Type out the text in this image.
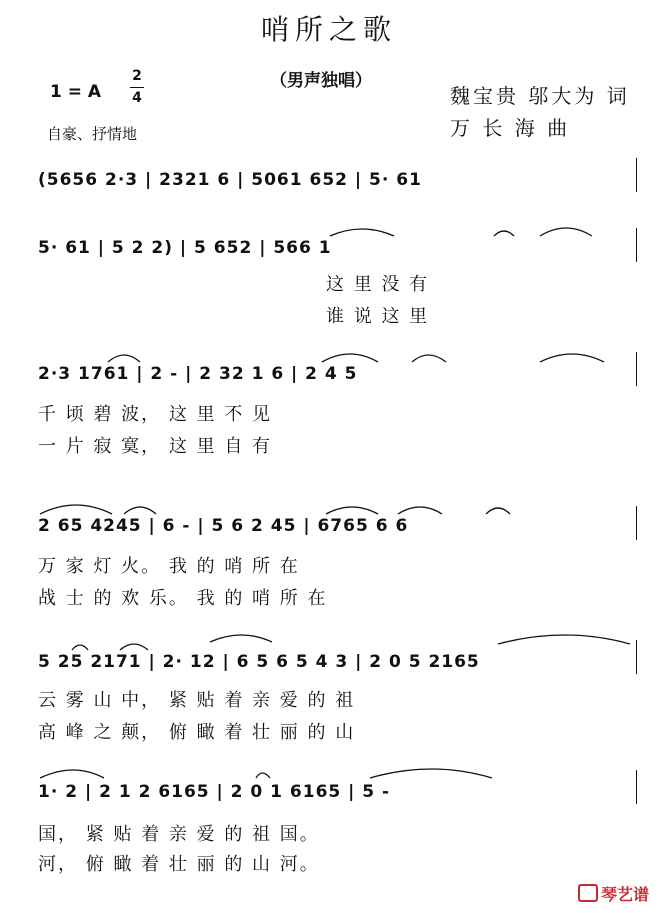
哨所之歌
（男声独唱）
1 = A
2
4
自豪、抒情地
魏宝贵 邬大为 词
万 长 海 曲
(5656 2·3 | 2321 6 | 5061 652 | 5· 61
5· 61 | 5 2 2) | 5 652 | 566 1
这 里 没 有
谁 说 这 里
2·3 1761 | 2 - | 2 32 1 6 | 2 4 5
千 顷 碧 波， 这 里 不 见
一 片 寂 寞， 这 里 自 有
2 65 4245 | 6 - | 5 6 2 45 | 6765 6 6
万 家 灯 火。 我 的 哨 所 在
战 士 的 欢 乐。 我 的 哨 所 在
5 25 2171 | 2· 12 | 6 5 6 5 4 3 | 2 0 5 2165
云 雾 山 中， 紧 贴 着 亲 爱 的 祖
高 峰 之 颠， 俯 瞰 着 壮 丽 的 山
1· 2 | 2 1 2 6165 | 2 0 1 6165 | 5 -
国， 紧 贴 着 亲 爱 的 祖 国。
河， 俯 瞰 着 壮 丽 的 山 河。
琴艺谱
